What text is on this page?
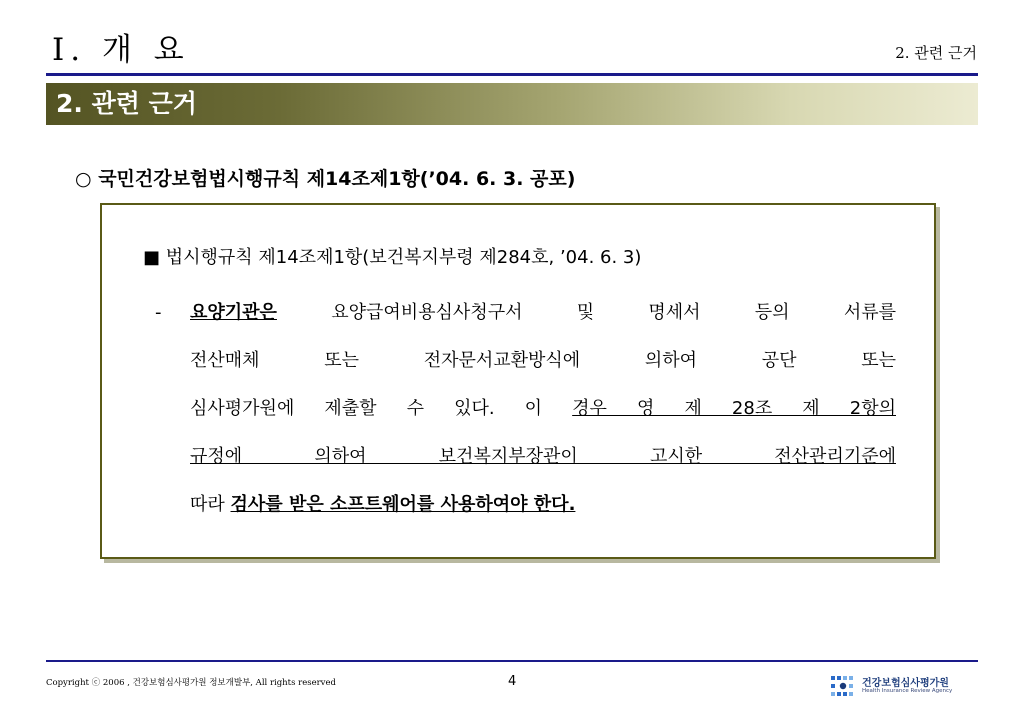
Ⅰ. 개 요	2. 관련 근거
2. 관련 근거
○ 국민건강보험법시행규칙 제14조제1항(’04. 6. 3. 공포)
■ 법시행규칙 제14조제1항(보건복지부령 제284호, ’04. 6. 3)
- 요양기관은	요양급여비용심사청구서 및 명세서 등의 서류를
전산매체 또는 전자문서교환방식에 의하여 공단 또는
심사평가원에 제출할 수 있다. 이 경우 영 제 28조 제 2항의
규정에 의하여 보건복지부장관이 고시한 전산관리기준에
따라 검사를 받은 소프트웨어를 사용하여야 한다.
Copyright ⓒ 2006 , 건강보험심사평가원 정보개발부, All rights reserved	4	건강보험심사평가원
Health Insurance Review Agency
